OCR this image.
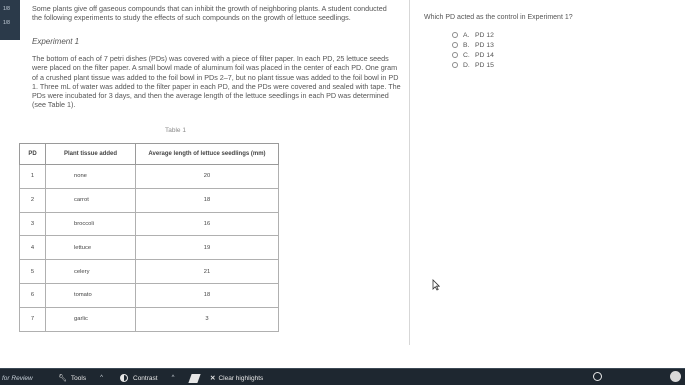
1/8
1/8
Some plants give off gaseous compounds that can inhibit the growth of neighboring plants. A student conducted the following experiments to study the effects of such compounds on the growth of lettuce seedlings.
Experiment 1
The bottom of each of 7 petri dishes (PDs) was covered with a piece of filter paper. In each PD, 25 lettuce seeds were placed on the filter paper. A small bowl made of aluminum foil was placed in the center of each PD. One gram of a crushed plant tissue was added to the foil bowl in PDs 2–7, but no plant tissue was added to the foil bowl in PD 1. Three mL of water was added to the filter paper in each PD, and the PDs were covered and sealed with tape. The PDs were incubated for 3 days, and then the average length of the lettuce seedlings in each PD was determined (see Table 1).
Table 1
PD	Plant tissue added	Average length of lettuce seedlings (mm)
1	none	20
2	carrot	18
3	broccoli	16
4	lettuce	19
5	celery	21
6	tomato	18
7	garlic	3
Which PD acted as the control in Experiment 1?
A. PD 12
B. PD 13
C. PD 14
D. PD 15
for Review	🔧︎ Tools ^	Contrast ^	✕ Clear highlights
